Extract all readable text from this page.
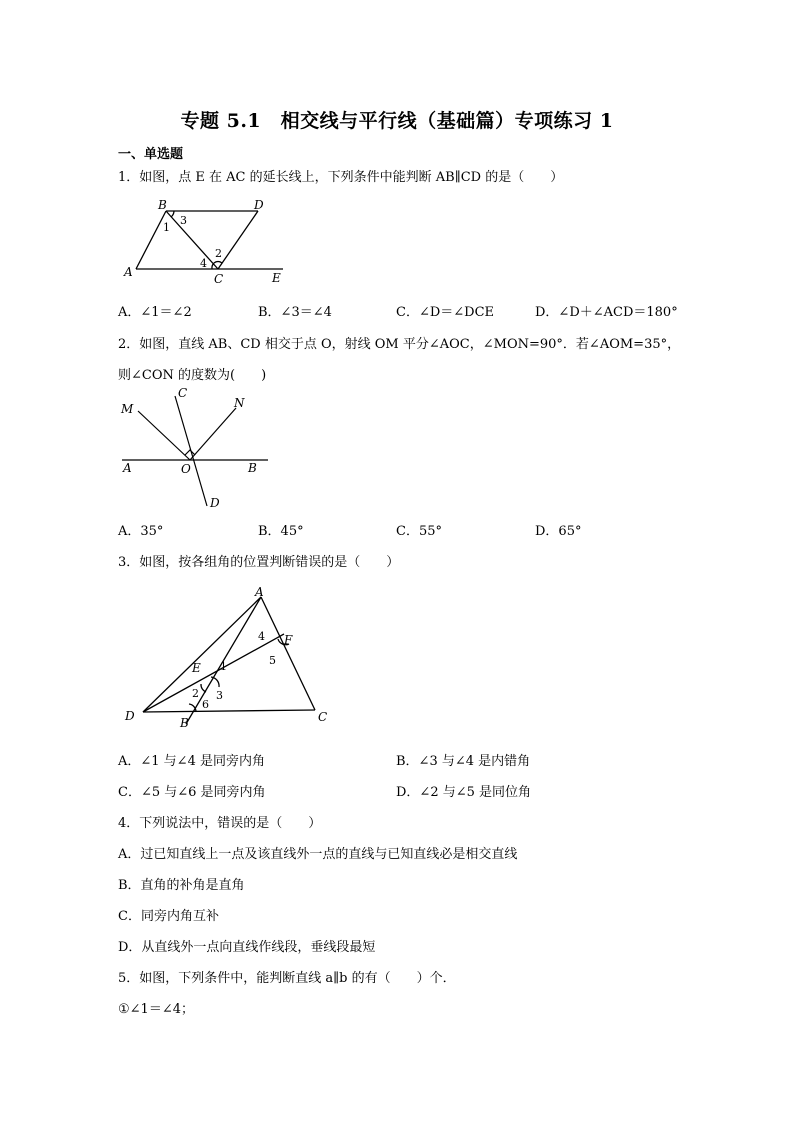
专题 5.1　相交线与平行线（基础篇）专项练习 1
一、单选题
1．如图，点 E 在 AC 的延长线上，下列条件中能判断 AB∥CD 的是（　　）
B	D
A	C	E
1
2
3
4
A．∠1＝∠2	B．∠3＝∠4	C．∠D＝∠DCE	D．∠D＋∠ACD＝180°
2．如图，直线 AB、CD 相交于点 O，射线 OM 平分∠AOC，∠MON=90°．若∠AOM=35°，
则∠CON 的度数为(　　)
M
C
N
A	O	B
D
A．35°	B．45°	C．55°	D．65°
3．如图，按各组角的位置判断错误的是（　　）
A
F
E
D	B	C
1
2 3
4
5
6
A．∠1 与∠4 是同旁内角	B．∠3 与∠4 是内错角
C．∠5 与∠6 是同旁内角	D．∠2 与∠5 是同位角
4．下列说法中，错误的是（　　）
A．过已知直线上一点及该直线外一点的直线与已知直线必是相交直线
B．直角的补角是直角
C．同旁内角互补
D．从直线外一点向直线作线段，垂线段最短
5．如图，下列条件中，能判断直线 a∥b 的有（　　）个．
①∠1＝∠4；
